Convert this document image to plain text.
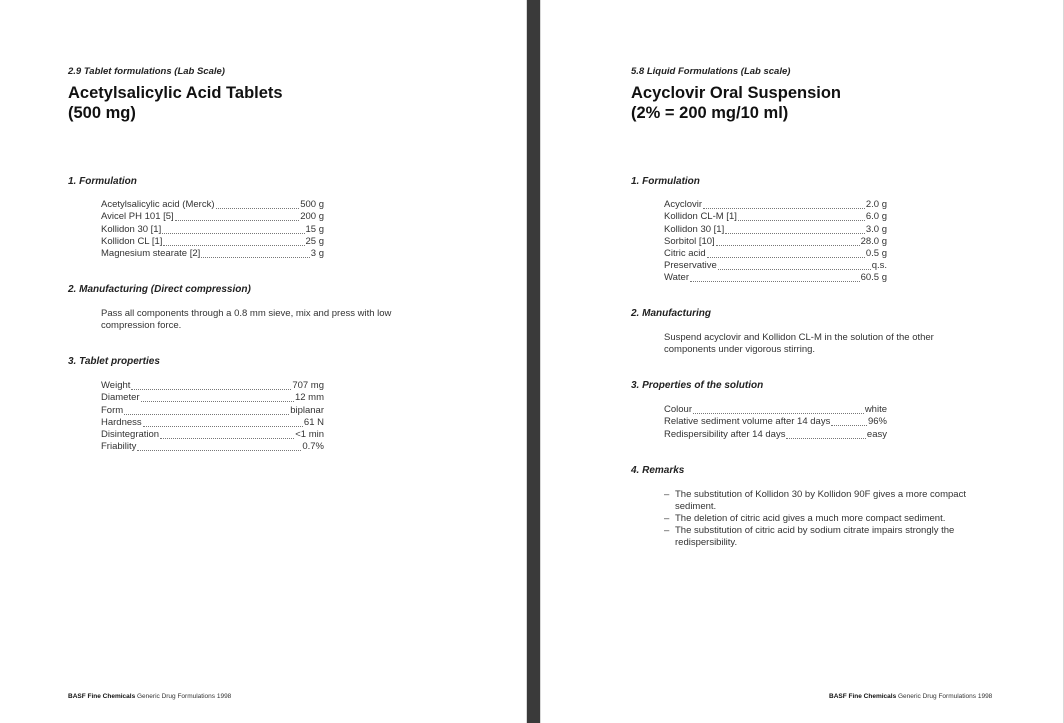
2.9 Tablet formulations (Lab Scale)
Acetylsalicylic Acid Tablets
(500 mg)
1. Formulation
Acetylsalicylic acid (Merck)	500 g
Avicel PH 101 [5]	200 g
Kollidon 30 [1]	15 g
Kollidon CL [1]	25 g
Magnesium stearate [2]	3 g
2. Manufacturing (Direct compression)
Pass all components through a 0.8 mm sieve, mix and press with low compression force.
3. Tablet properties
Weight	707 mg
Diameter	12 mm
Form	biplanar
Hardness	61 N
Disintegration	<1 min
Friability	0.7%
BASF Fine Chemicals Generic Drug Formulations 1998
5.8 Liquid Formulations (Lab scale)
Acyclovir Oral Suspension
(2% = 200 mg/10 ml)
1. Formulation
Acyclovir	2.0 g
Kollidon CL-M [1]	6.0 g
Kollidon 30 [1]	3.0 g
Sorbitol [10]	28.0 g
Citric acid	0.5 g
Preservative	q.s.
Water	60.5 g
2. Manufacturing
Suspend acyclovir and Kollidon CL-M in the solution of the other components under vigorous stirring.
3. Properties of the solution
Colour	white
Relative sediment volume after 14 days	96%
Redispersibility after 14 days	easy
4. Remarks
– The substitution of Kollidon 30 by Kollidon 90F gives a more compact sediment.
– The deletion of citric acid gives a much more compact sediment.
– The substitution of citric acid by sodium citrate impairs strongly the redispersibility.
BASF Fine Chemicals Generic Drug Formulations 1998
